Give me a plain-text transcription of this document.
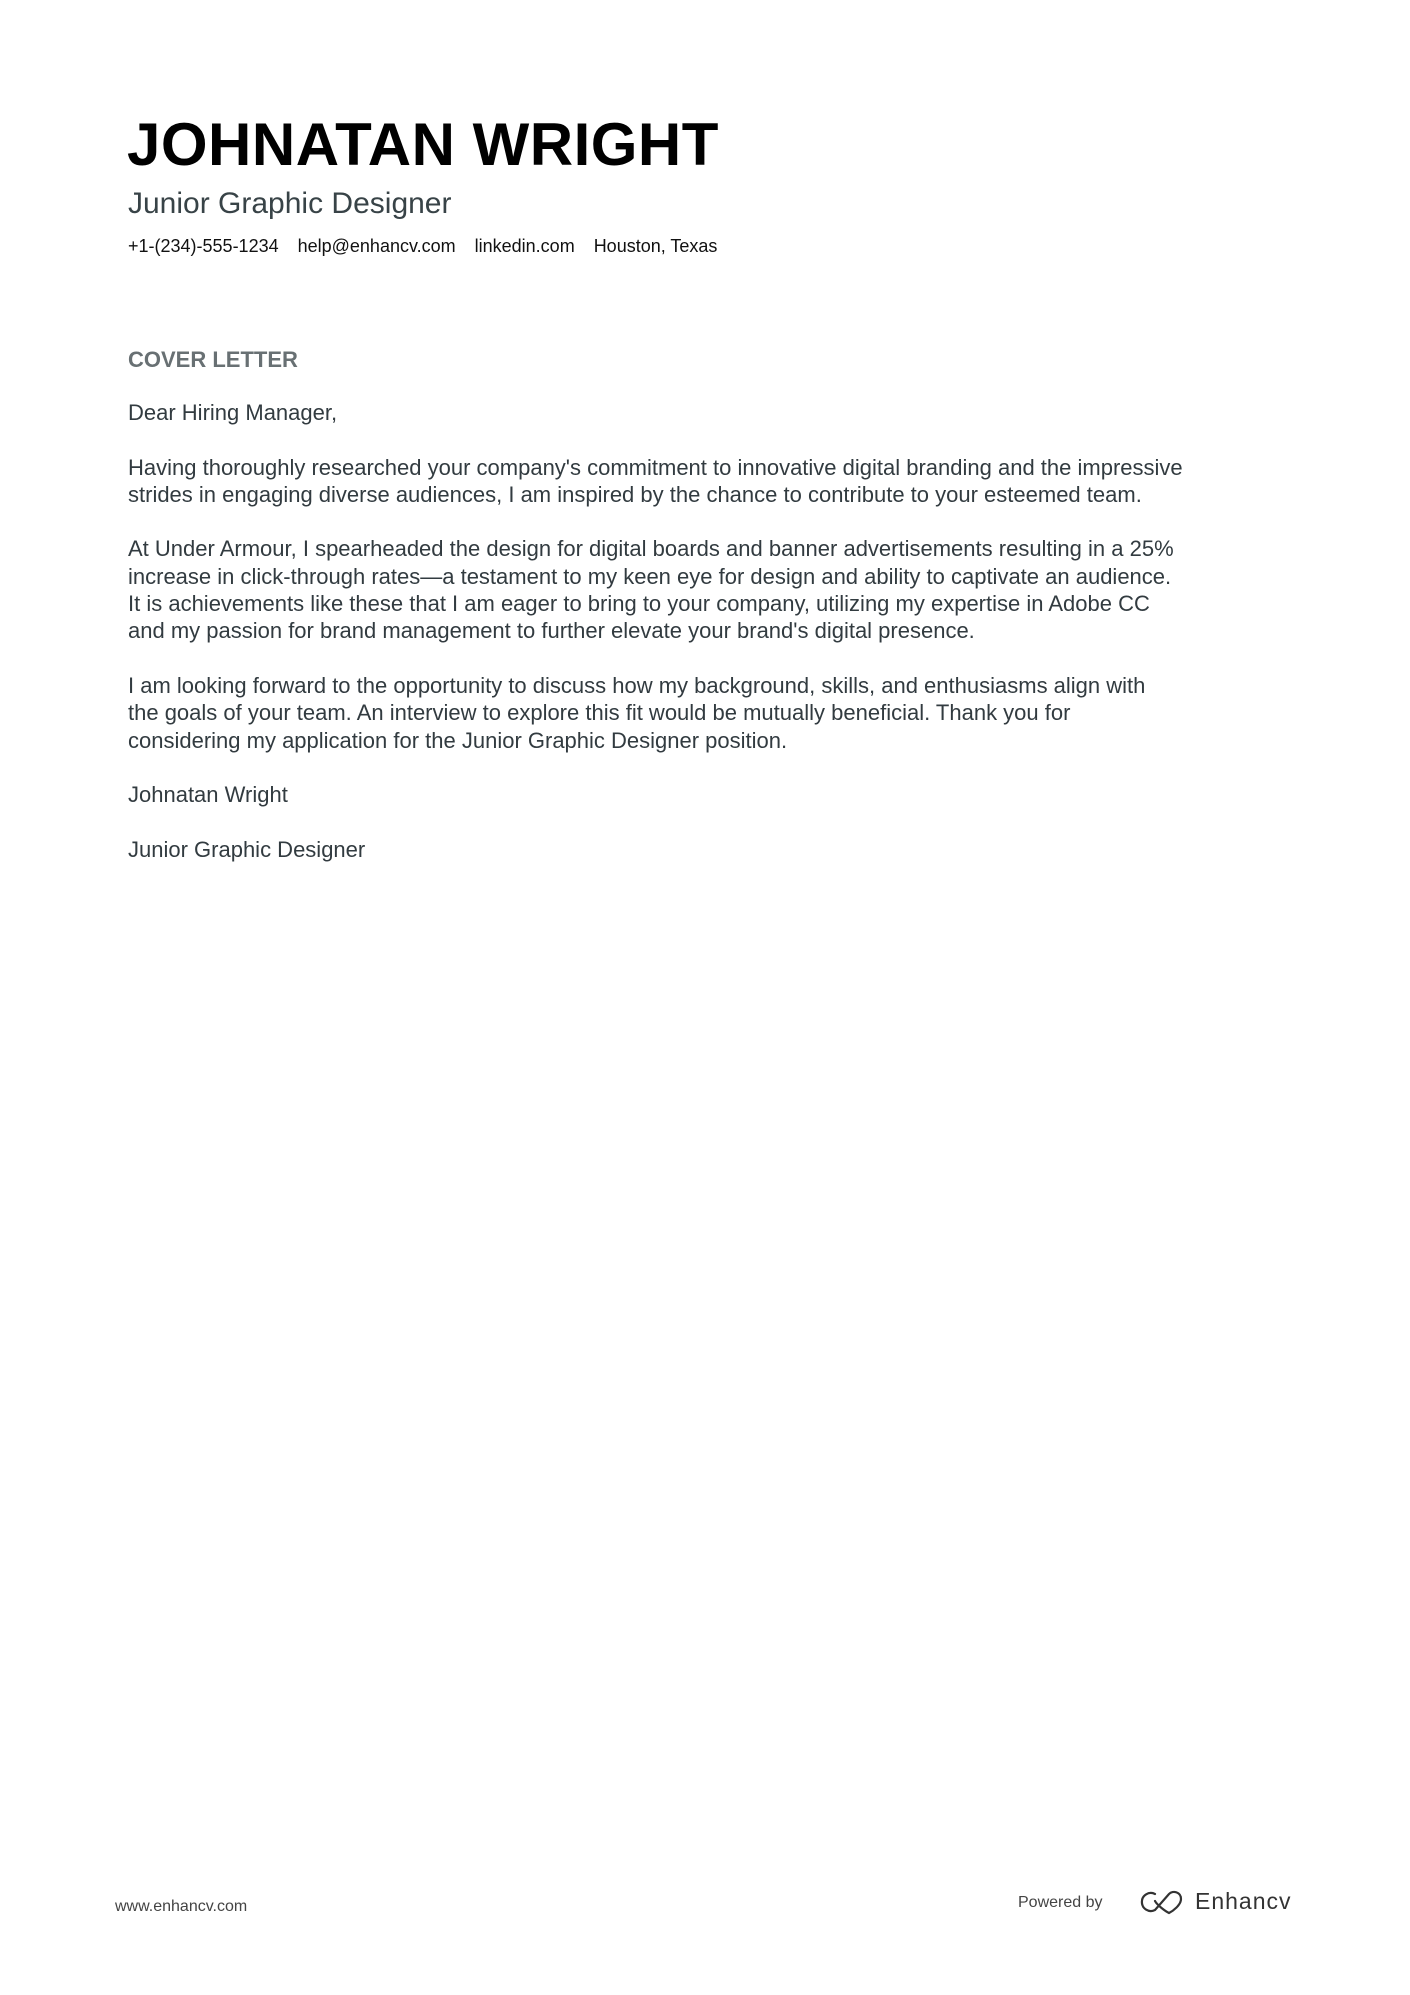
JOHNATAN WRIGHT
Junior Graphic Designer
+1-(234)-555-1234 help@enhancv.com linkedin.com Houston, Texas
COVER LETTER

Dear Hiring Manager,

Having thoroughly researched your company's commitment to innovative digital branding and the impressive
strides in engaging diverse audiences, I am inspired by the chance to contribute to your esteemed team.

At Under Armour, I spearheaded the design for digital boards and banner advertisements resulting in a 25%
increase in click-through rates—a testament to my keen eye for design and ability to captivate an audience.
It is achievements like these that I am eager to bring to your company, utilizing my expertise in Adobe CC
and my passion for brand management to further elevate your brand's digital presence.

I am looking forward to the opportunity to discuss how my background, skills, and enthusiasms align with
the goals of your team. An interview to explore this fit would be mutually beneficial. Thank you for
considering my application for the Junior Graphic Designer position.

Johnatan Wright

Junior Graphic Designer

www.enhancv.com	Powered by	Enhancv
